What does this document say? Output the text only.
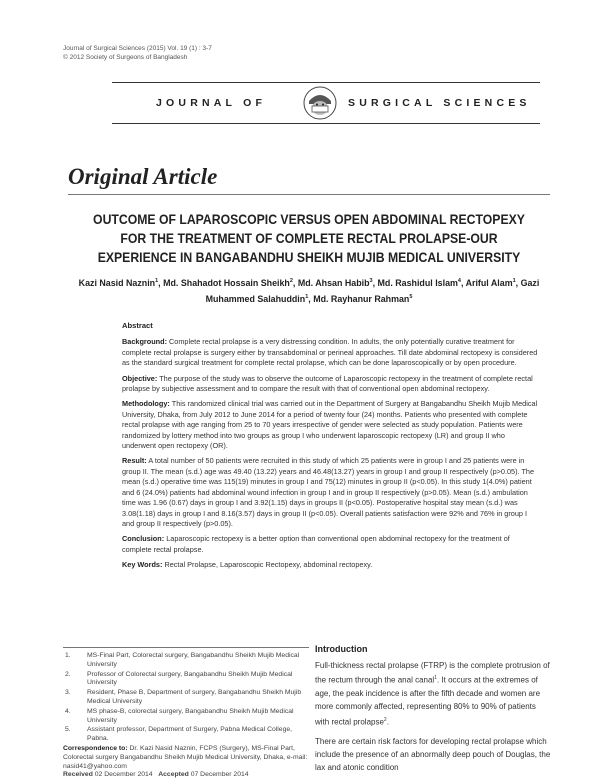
Journal of Surgical Sciences (2015) Vol. 19 (1) : 3-7
© 2012 Society of Surgeons of Bangladesh
JOURNAL OF	SURGICAL SCIENCES
Original Article
OUTCOME OF LAPAROSCOPIC VERSUS OPEN ABDOMINAL RECTOPEXY
FOR THE TREATMENT OF COMPLETE RECTAL PROLAPSE-OUR
EXPERIENCE IN BANGABANDHU SHEIKH MUJIB MEDICAL UNIVERSITY
Kazi Nasid Naznin$^1$, Md. Shahadot Hossain Sheikh$^2$, Md. Ahsan Habib$^3$, Md. Rashidul Islam$^4$, Ariful Alam$^1$, Gazi Muhammed Salahuddin$^1$, Md. Rayhanur Rahman$^5$
Abstract

Background: Complete rectal prolapse is a very distressing condition. In adults, the only potentially curative treatment for complete rectal prolapse is surgery either by transabdominal or perineal approaches. Till date abdominal rectopexy is considered as the standard surgical treatment for complete rectal prolapse, which can be done laparoscopically or by open procedure.

Objective: The purpose of the study was to observe the outcome of Laparoscopic rectopexy in the treatment of complete rectal prolapse by subjective assessment and to compare the result with that of conventional open abdominal rectopexy.

Methodology: This randomized clinical trial was carried out in the Department of Surgery at Bangabandhu Sheikh Mujib Medical University, Dhaka, from July 2012 to June 2014 for a period of twenty four (24) months. Patients who presented with complete rectal prolapse with age ranging from 25 to 70 years irrespective of gender were selected as study population. Patients were randomized by lottery method into two groups as group I who underwent laparoscopic rectopexy (LR) and group II who underwent open rectopexy (OR).

Result: A total number of 50 patients were recruited in this study of which 25 patients were in group I and 25 patients were in group II. The mean (s.d.) age was 49.40 (13.22) years and 46.48(13.27) years in group I and group II respectively (p>0.05). The mean (s.d.) operative time was 115(19) minutes in group I and 75(12) minutes in group II (p<0.05). In this study 1(4.0%) patient and 6 (24.0%) patients had abdominal wound infection in group I and in group II respectively (p>0.05). Mean (s.d.) ambulation time was 1.96 (0.67) days in group I and 3.92(1.15) days in groups II (p<0.05). Postoperative hospital stay mean (s.d.) was 3.08(1.18) days in group I and 8.16(3.57) days in group II (p<0.05). Overall patients satisfaction were 92% and 76% in group I and group II respectively (p>0.05).

Conclusion: Laparoscopic rectopexy is a better option than conventional open abdominal rectopexy for the treatment of complete rectal prolapse.

Key Words: Rectal Prolapse, Laparoscopic Rectopexy, abdominal rectopexy.

1.	MS-Final Part, Colorectal surgery, Bangabandhu Sheikh Mujib Medical University
2.	Professor of Colorectal surgery, Bangabandhu Sheikh Mujib Medical University
3.	Resident, Phase B, Department of surgery, Bangabandhu Sheikh Mujib Medical University
4.	MS phase-B, colorectal surgery, Bangabandhu Sheikh Mujib Medical University
5.	Assistant professor, Department of Surgery, Pabna Medical College, Pabna.
Correspondence to: Dr. Kazi Nasid Naznin, FCPS (Surgery), MS-Final Part, Colorectal surgery Bangabandhu Sheikh Mujib Medical University, Dhaka, e-mail: nasid41@yahoo.com
Received 02 December 2014 Accepted 07 December 2014
Introduction

Full-thickness rectal prolapse (FTRP) is the complete protrusion of the rectum through the anal canal$^1$. It occurs at the extremes of age, the peak incidence is after the fifth decade and women are more commonly affected, representing 80% to 90% of patients with rectal prolapse$^2$.

There are certain risk factors for developing rectal prolapse which include the presence of an abnormally deep pouch of Douglas, the lax and atonic condition
